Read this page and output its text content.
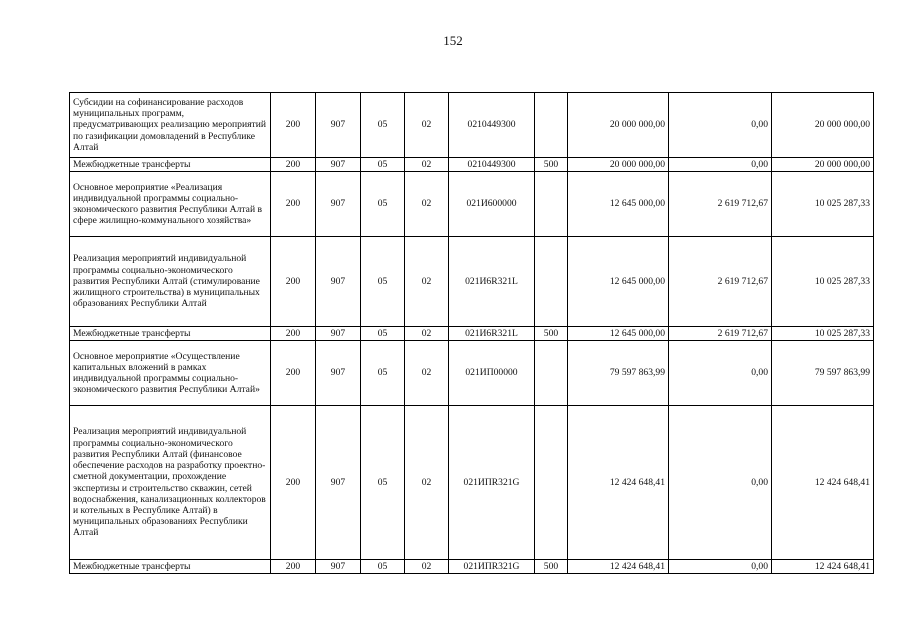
152
Субсидии на софинансирование расходов муниципальных программ, предусматривающих реализацию мероприятий по газификации домовладений в Республике Алтай	200	907	05	02	0210449300		20 000 000,00	0,00	20 000 000,00
Межбюджетные трансферты	200	907	05	02	0210449300	500	20 000 000,00	0,00	20 000 000,00
Основное мероприятие «Реализация индивидуальной программы социально-экономического развития Республики Алтай в сфере жилищно-коммунального хозяйства»	200	907	05	02	021И600000		12 645 000,00	2 619 712,67	10 025 287,33
Реализация мероприятий индивидуальной программы социально-экономического развития Республики Алтай (стимулирование жилищного строительства) в муниципальных образованиях Республики Алтай	200	907	05	02	021И6R321L		12 645 000,00	2 619 712,67	10 025 287,33
Межбюджетные трансферты	200	907	05	02	021И6R321L	500	12 645 000,00	2 619 712,67	10 025 287,33
Основное мероприятие «Осуществление капитальных вложений в рамках индивидуальной программы социально-экономического развития Республики Алтай»	200	907	05	02	021ИП00000		79 597 863,99	0,00	79 597 863,99
Реализация мероприятий индивидуальной программы социально-экономического развития Республики Алтай (финансовое обеспечение расходов на разработку проектно-сметной документации, прохождение экспертизы и строительство скважин, сетей водоснабжения, канализационных коллекторов и котельных в Республике Алтай) в муниципальных образованиях Республики Алтай	200	907	05	02	021ИПR321G		12 424 648,41	0,00	12 424 648,41
Межбюджетные трансферты	200	907	05	02	021ИПR321G	500	12 424 648,41	0,00	12 424 648,41
